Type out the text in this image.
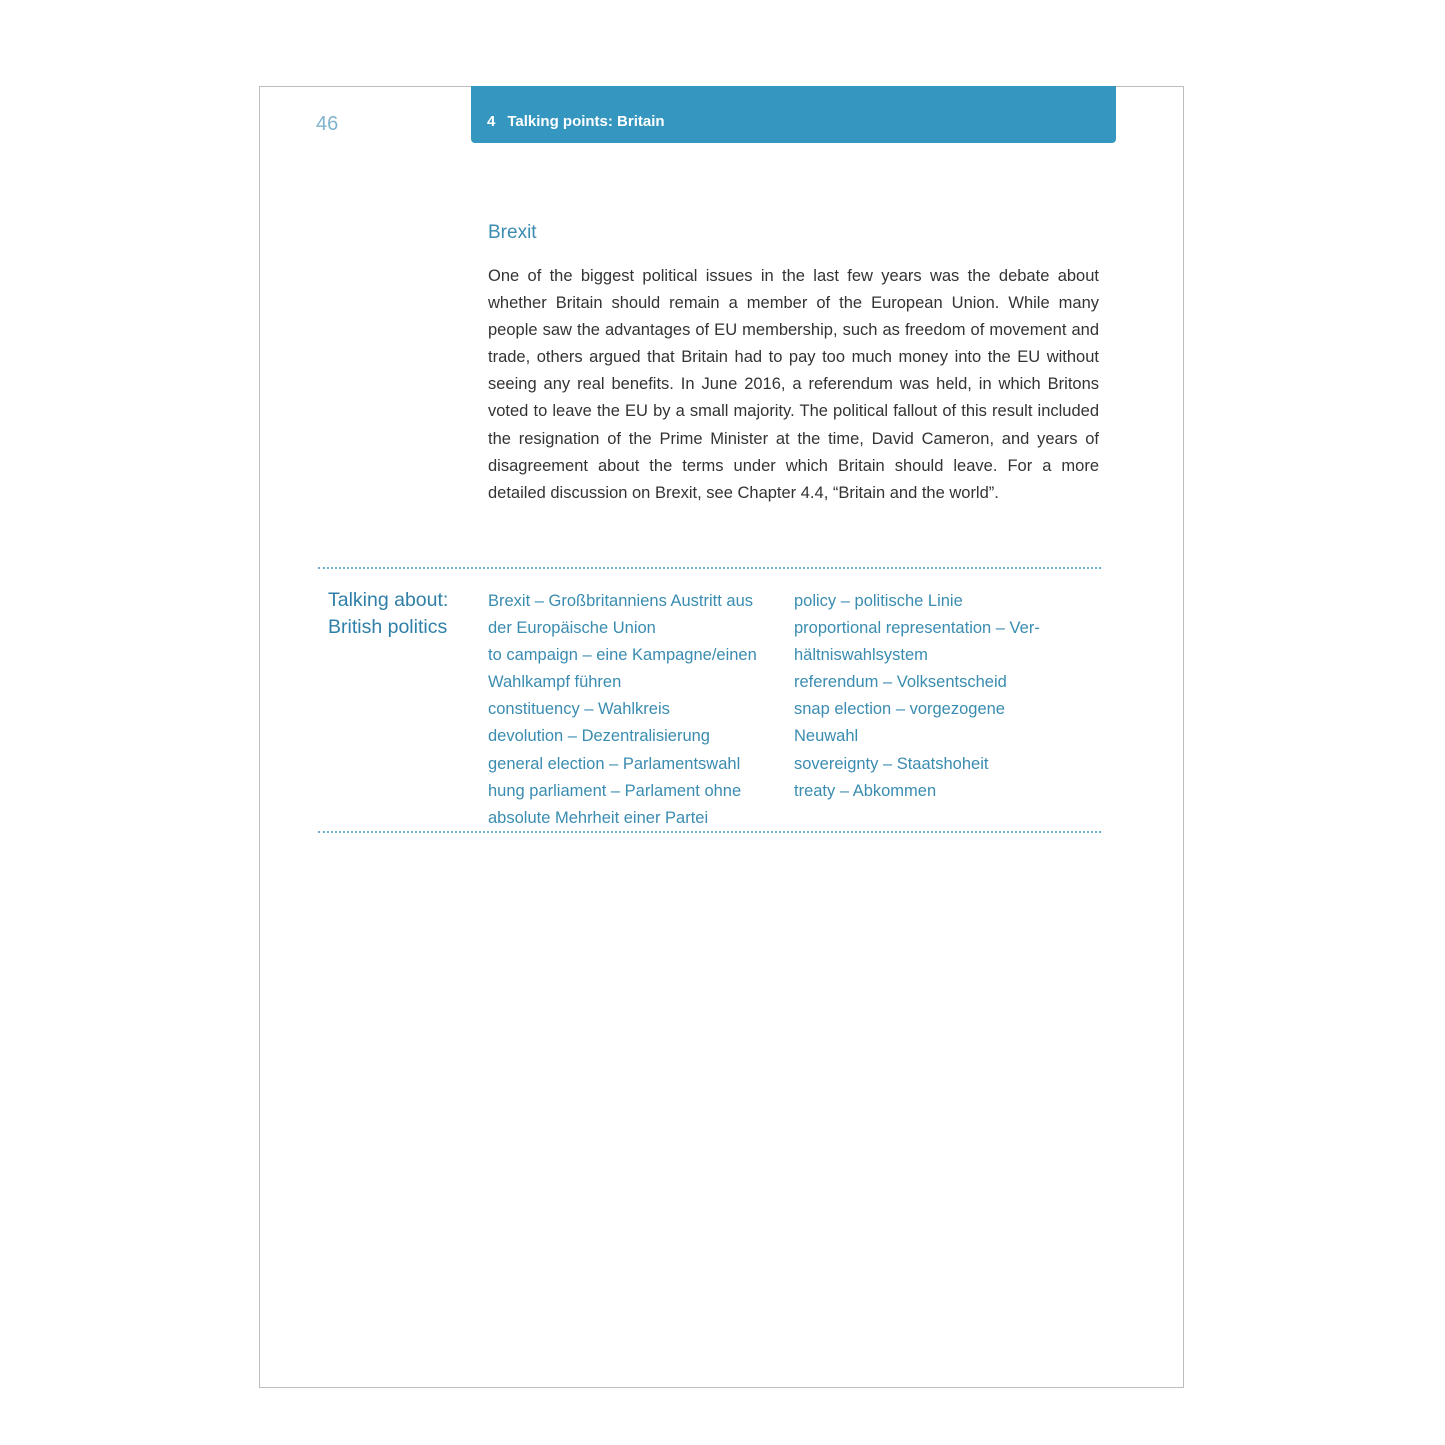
46	4 Talking points: Britain
Brexit

One of the biggest political issues in the last few years was the debate about whether Britain should remain a member of the European Union. While many people saw the advantages of EU membership, such as freedom of movement and trade, others argued that Britain had to pay too much money into the EU without seeing any real benefits. In June 2016, a referendum was held, in which Britons voted to leave the EU by a small majority. The political fallout of this result included the resignation of the Prime Minister at the time, David Cameron, and years of disagreement about the terms under which Britain should leave. For a more detailed discussion on Brexit, see Chapter 4.4, “Britain and the world”.

Talking about:
British politics
Brexit – Großbritanniens Austritt aus
der Europäische Union
to campaign – eine Kampagne/einen
Wahlkampf führen
constituency – Wahlkreis
devolution – Dezentralisierung
general election – Parlamentswahl
hung parliament – Parlament ohne
absolute Mehrheit einer Partei
policy – politische Linie
proportional representation – Ver-
hältniswahlsystem
referendum – Volksentscheid
snap election – vorgezogene
Neuwahl
sovereignty – Staatshoheit
treaty – Abkommen
